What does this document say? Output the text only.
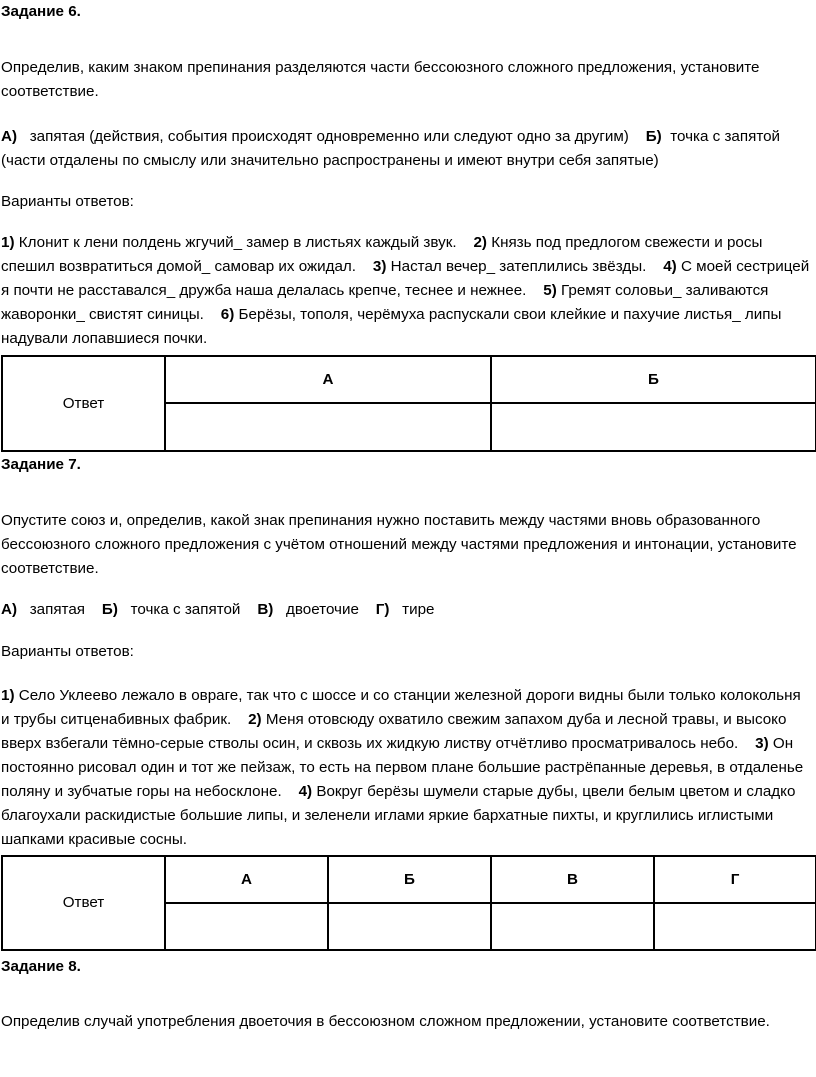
Задание 6.

Определив, каким знаком препинания разделяются части бессоюзного сложного предложения, установите соответствие.

А) запятая (действия, события происходят одновременно или следуют одно за другим) Б) точка с запятой (части отдалены по смыслу или значительно распространены и имеют внутри себя запятые)

Варианты ответов:

1) Клонит к лени полдень жгучий_ замер в листьях каждый звук. 2) Князь под предлогом свежести и росы спешил возвратиться домой_ самовар их ожидал. 3) Настал вечер_ затеплились звёзды. 4) С моей сестрицей я почти не расставался_ дружба наша делалась крепче, теснее и нежнее. 5) Гремят соловьи_ заливаются жаворонки_ свистят синицы. 6) Берёзы, тополя, черёмуха распускали свои клейкие и пахучие листья_ липы надували лопавшиеся почки.

Ответ	А	Б

Задание 7.

Опустите союз и, определив, какой знак препинания нужно поставить между частями вновь образованного бессоюзного сложного предложения с учётом отношений между частями предложения и интонации, установите соответствие.

А) запятая Б) точка с запятой В) двоеточие Г) тире

Варианты ответов:

1) Село Уклеево лежало в овраге, так что с шоссе и со станции железной дороги видны были только колокольня и трубы ситценабивных фабрик. 2) Меня отовсюду охватило свежим запахом дуба и лесной травы, и высоко вверх взбегали тёмно-серые стволы осин, и сквозь их жидкую листву отчётливо просматривалось небо. 3) Он постоянно рисовал один и тот же пейзаж, то есть на первом плане большие растрёпанные деревья, в отдаленье поляну и зубчатые горы на небосклоне. 4) Вокруг берёзы шумели старые дубы, цвели белым цветом и сладко благоухали раскидистые большие липы, и зеленели иглами яркие бархатные пихты, и круглились иглистыми шапками красивые сосны.

Ответ	А	Б	В	Г

Задание 8.

Определив случай употребления двоеточия в бессоюзном сложном предложении, установите соответствие.
